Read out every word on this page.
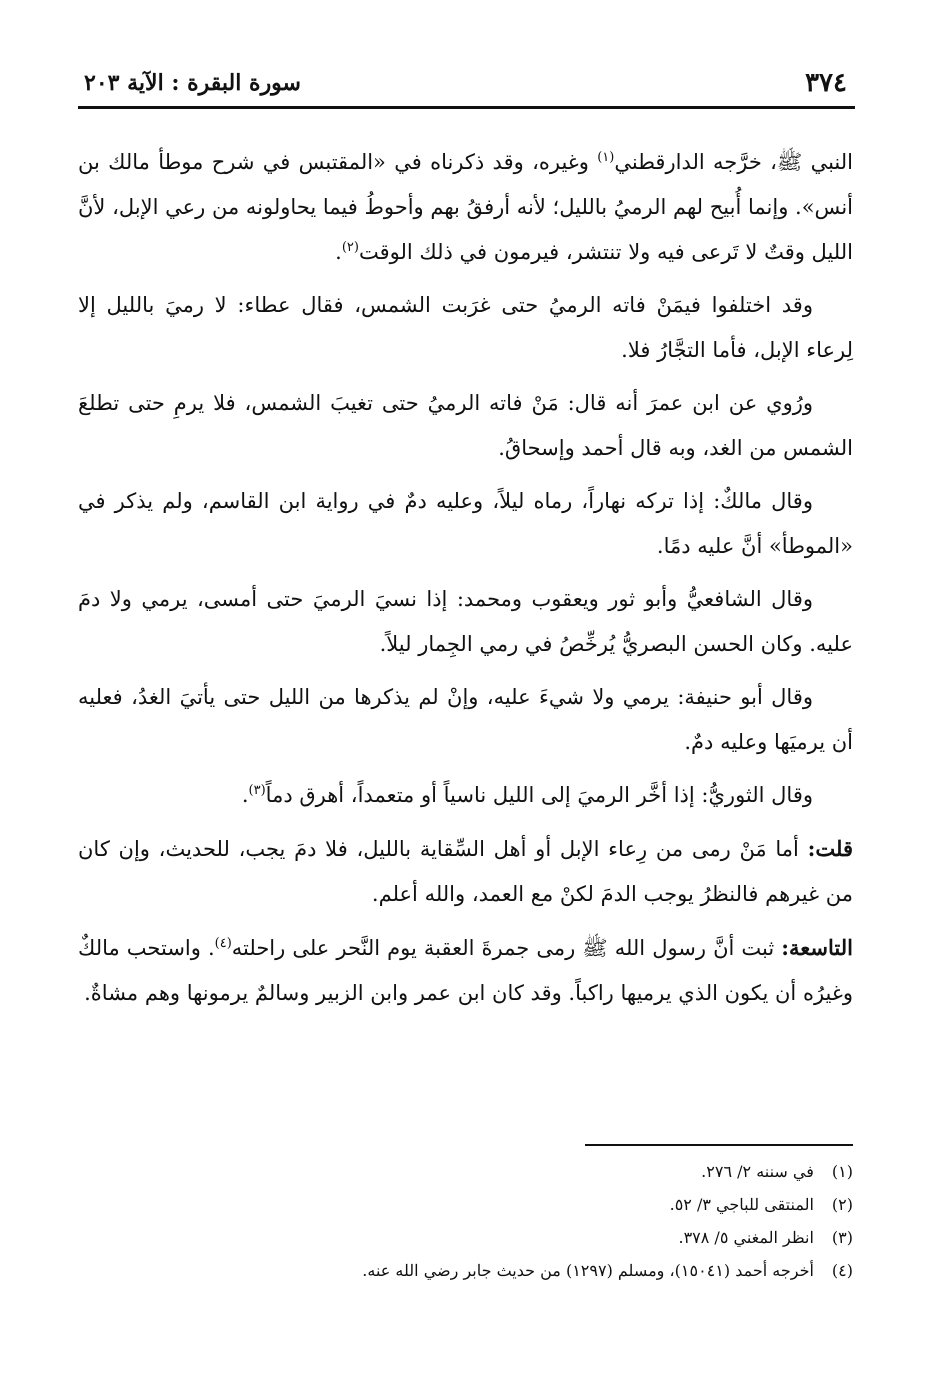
٣٧٤
سورة البقرة : الآية ٢٠٣

النبي ﷺ، خرَّجه الدارقطني$^{(١)}$ وغيره، وقد ذكرناه في «المقتبس في شرح موطأ مالك بن أنس». وإنما أُبيح لهم الرميُ بالليل؛ لأنه أرفقُ بهم وأحوطُ فيما يحاولونه من رعي الإبل، لأنَّ الليل وقتٌ لا تَرعى فيه ولا تنتشر، فيرمون في ذلك الوقت$^{(٢)}$.

وقد اختلفوا فيمَنْ فاته الرميُ حتى غرَبت الشمس، فقال عطاء: لا رميَ بالليل إلا لِرعاء الإبل، فأما التجَّارُ فلا.

ورُوي عن ابن عمرَ أنه قال: مَنْ فاته الرميُ حتى تغيبَ الشمس، فلا يرمِ حتى تطلعَ الشمس من الغد، وبه قال أحمد وإسحاقُ.

وقال مالكٌ: إذا تركه نهاراً، رماه ليلاً، وعليه دمٌ في رواية ابن القاسم، ولم يذكر في «الموطأ» أنَّ عليه دمًا.

وقال الشافعيُّ وأبو ثور ويعقوب ومحمد: إذا نسيَ الرميَ حتى أمسى، يرمي ولا دمَ عليه. وكان الحسن البصريُّ يُرخِّصُ في رمي الجِمار ليلاً.

وقال أبو حنيفة: يرمي ولا شيءَ عليه، وإنْ لم يذكرها من الليل حتى يأتيَ الغدُ، فعليه أن يرميَها وعليه دمٌ.

وقال الثوريُّ: إذا أخَّر الرميَ إلى الليل ناسياً أو متعمداً، أهرق دماً$^{(٣)}$.

قلت: أما مَنْ رمى من رِعاء الإبل أو أهل السِّقاية بالليل، فلا دمَ يجب، للحديث، وإن كان من غيرهم فالنظرُ يوجب الدمَ لكنْ مع العمد، والله أعلم.

التاسعة: ثبت أنَّ رسول الله ﷺ رمى جمرةَ العقبة يوم النَّحر على راحلته$^{(٤)}$. واستحب مالكٌ وغيرُه أن يكون الذي يرميها راكباً. وقد كان ابن عمر وابن الزبير وسالمٌ يرمونها وهم مشاةٌ.

(١) في سننه ٢/ ٢٧٦.
(٢) المنتقى للباجي ٣/ ٥٢.
(٣) انظر المغني ٥/ ٣٧٨.
(٤) أخرجه أحمد (١٥٠٤١)، ومسلم (١٢٩٧) من حديث جابر رضي الله عنه.
